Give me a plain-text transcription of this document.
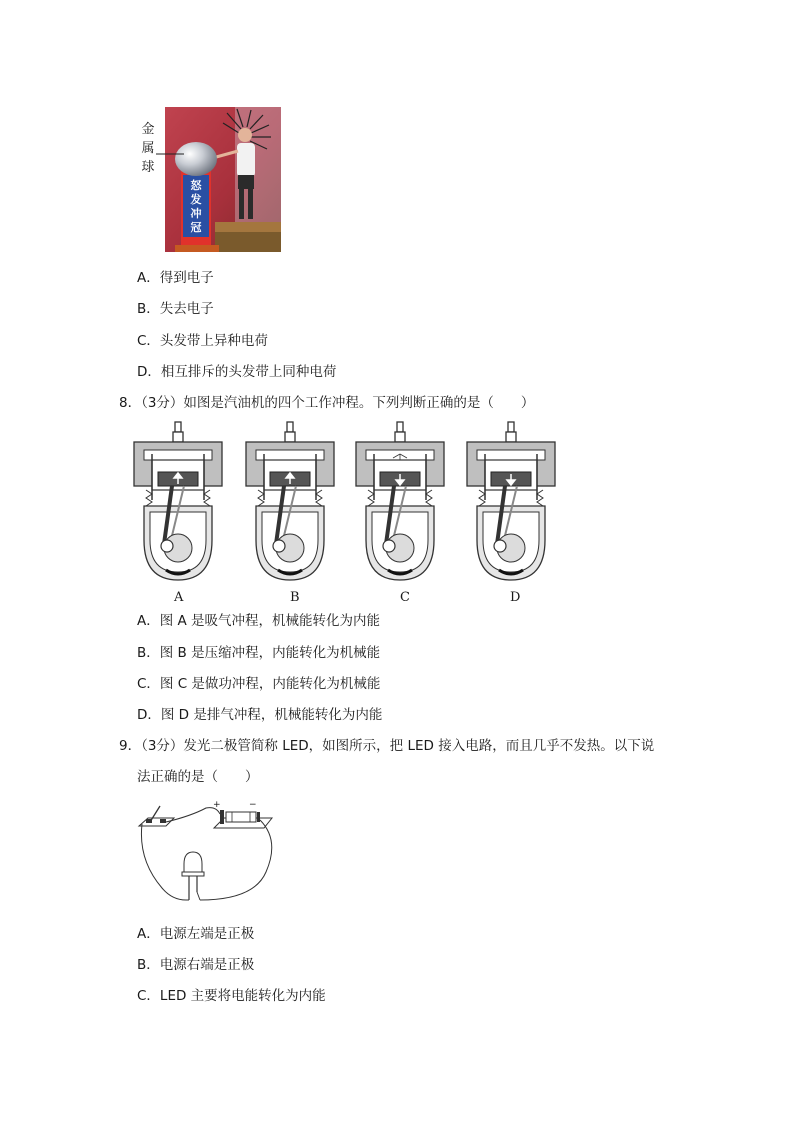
怒
发
冲
冠
金
属
球
A．得到电子
B．失去电子
C．头发带上异种电荷
D．相互排斥的头发带上同种电荷
8．（3分）如图是汽油机的四个工作冲程。下列判断正确的是（　　）
A	B	C	D
A．图 A 是吸气冲程，机械能转化为内能
B．图 B 是压缩冲程，内能转化为机械能
C．图 C 是做功冲程，内能转化为机械能
D．图 D 是排气冲程，机械能转化为内能
9．（3分）发光二极管简称 LED，如图所示，把 LED 接入电路，而且几乎不发热。以下说
法正确的是（　　）
+	−
A．电源左端是正极
B．电源右端是正极
C．LED 主要将电能转化为内能
